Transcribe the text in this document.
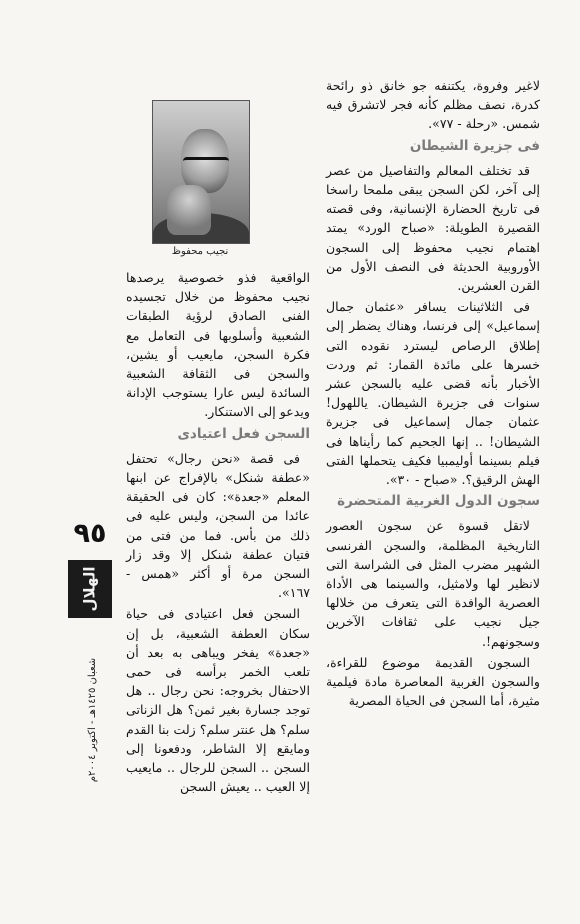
نجيب محفوظ

لاغير وفروة، يكتنفه جو خانق ذو رائحة كدرة، نصف مظلم كأنه فجر لاتشرق فيه شمس. «رحلة - ٧٧».

فى جزيرة الشيطان

قد تختلف المعالم والتفاصيل من عصر إلى آخر، لكن السجن يبقى ملمحا راسخا فى تاريخ الحضارة الإنسانية، وفى قصته القصيرة الطويلة: «صباح الورد» يمتد اهتمام نجيب محفوظ إلى السجون الأوروبية الحديثة فى النصف الأول من القرن العشرين.

فى الثلاثينات يسافر «عثمان جمال إسماعيل» إلى فرنسا، وهناك يضطر إلى إطلاق الرصاص ليسترد نقوده التى خسرها على مائدة القمار: ثم وردت الأخبار بأنه قضى عليه بالسجن عشر سنوات فى جزيرة الشيطان. ياللهول! عثمان جمال إسماعيل فى جزيرة الشيطان! .. إنها الجحيم كما رأيناها فى فيلم بسينما أوليمبيا فكيف يتحملها الفتى الهش الرقيق؟. «صباح - ٣٠».

سجون الدول الغربية المتحضرة

لاتقل قسوة عن سجون العصور التاريخية المظلمة، والسجن الفرنسى الشهير مضرب المثل فى الشراسة التى لانظير لها ولامثيل، والسينما هى الأداة العصرية الوافدة التى يتعرف من خلالها جيل نجيب على ثقافات الآخرين وسجونهم!.

السجون القديمة موضوع للقراءة، والسجون الغربية المعاصرة مادة فيلمية مثيرة، أما السجن فى الحياة المصرية

الواقعية فذو خصوصية يرصدها نجيب محفوظ من خلال تجسيده الفنى الصادق لرؤية الطبقات الشعبية وأسلوبها فى التعامل مع فكرة السجن، مايعيب أو يشين، والسجن فى الثقافة الشعبية السائدة ليس عارا يستوجب الإدانة ويدعو إلى الاستنكار.

السجن فعل اعتيادى

فى قصة «نحن رجال» تحتفل «عطفة شنكل» بالإفراج عن ابنها المعلم «جعدة»: كان فى الحقيقة عائدا من السجن، وليس عليه فى ذلك من بأس. فما من فتى من فتيان عطفة شنكل إلا وقد زار السجن مرة أو أكثر «همس - ١٦٧».

السجن فعل اعتيادى فى حياة سكان العطفة الشعبية، بل إن «جعدة» يفخر ويباهى به بعد أن تلعب الخمر برأسه فى حمى الاحتفال بخروجه: نحن رجال .. هل توجد جسارة بغير ثمن؟ هل الزناتى سلم؟ هل عنتر سلم؟ زلت بنا القدم ومايقع إلا الشاطر، ودفعونا إلى السجن .. السجن للرجال .. مايعيب إلا العيب .. يعيش السجن

٩٥
الهلال
شعبان ١٤٢٥هـ - اكتوبر ٢٠٠٤م
